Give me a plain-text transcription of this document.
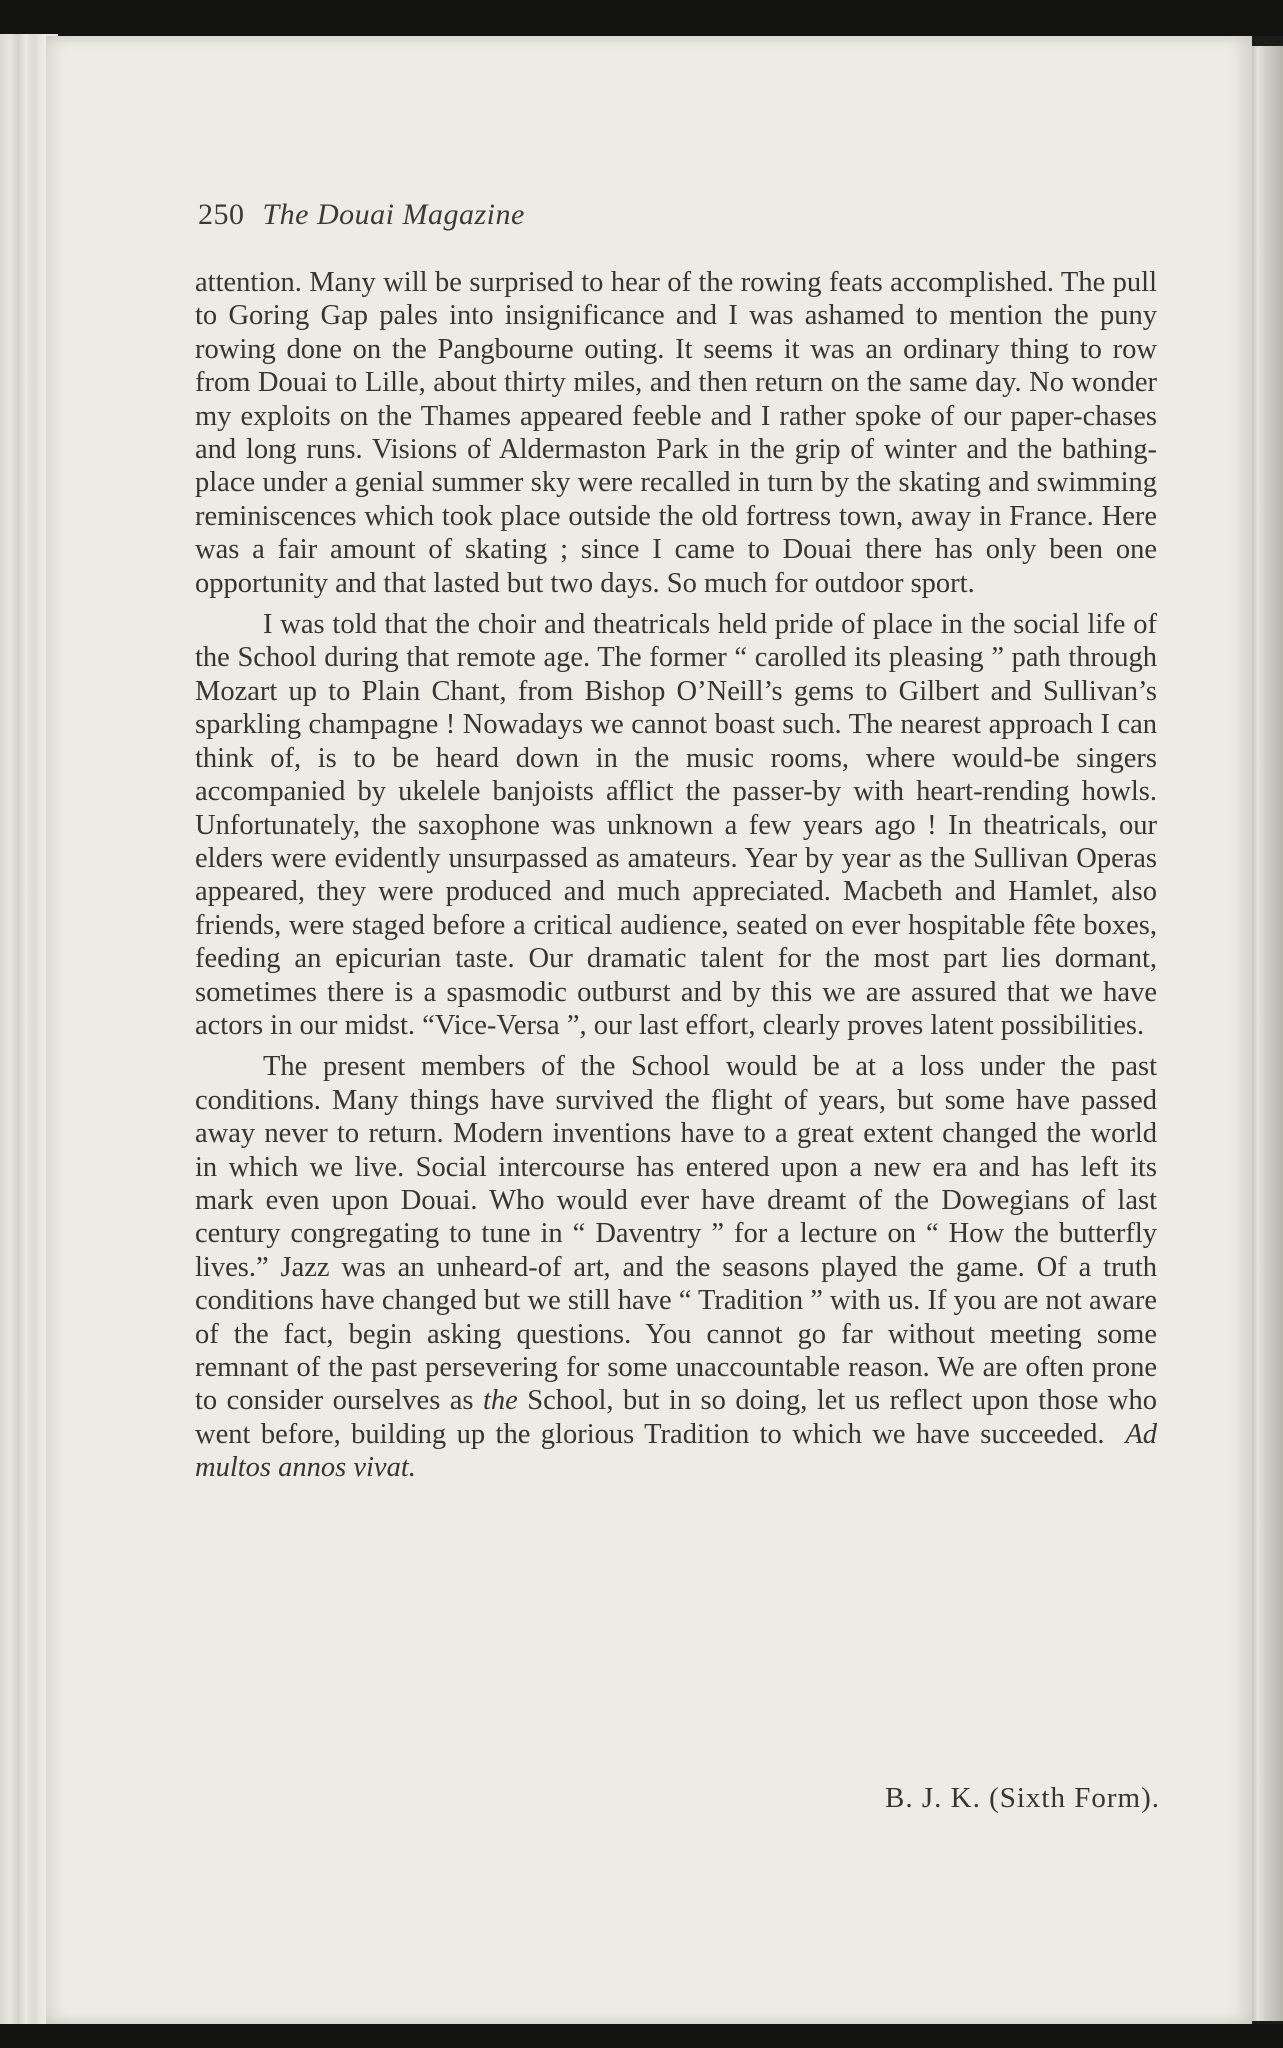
250 The Douai Magazine

attention. Many will be surprised to hear of the rowing feats accomplished. The pull to Goring Gap pales into insignificance and I was ashamed to mention the puny rowing done on the Pangbourne outing. It seems it was an ordinary thing to row from Douai to Lille, about thirty miles, and then return on the same day. No wonder my exploits on the Thames appeared feeble and I rather spoke of our paper-chases and long runs. Visions of Aldermaston Park in the grip of winter and the bathing-place under a genial summer sky were recalled in turn by the skating and swimming reminiscences which took place outside the old fortress town, away in France. Here was a fair amount of skating ; since I came to Douai there has only been one opportunity and that lasted but two days. So much for outdoor sport.

I was told that the choir and theatricals held pride of place in the social life of the School during that remote age. The former “ carolled its pleasing ” path through Mozart up to Plain Chant, from Bishop O’Neill’s gems to Gilbert and Sullivan’s sparkling champagne ! Nowadays we cannot boast such. The nearest approach I can think of, is to be heard down in the music rooms, where would-be singers accompanied by ukelele banjoists afflict the passer-by with heart-rending howls. Unfortunately, the saxophone was unknown a few years ago ! In theatricals, our elders were evidently unsurpassed as amateurs. Year by year as the Sullivan Operas appeared, they were produced and much appreciated. Macbeth and Hamlet, also friends, were staged before a critical audience, seated on ever hospitable fête boxes, feeding an epicurian taste. Our dramatic talent for the most part lies dormant, sometimes there is a spasmodic outburst and by this we are assured that we have actors in our midst. “Vice-Versa ”, our last effort, clearly proves latent possibilities.

The present members of the School would be at a loss under the past conditions. Many things have survived the flight of years, but some have passed away never to return. Modern inventions have to a great extent changed the world in which we live. Social intercourse has entered upon a new era and has left its mark even upon Douai. Who would ever have dreamt of the Dowegians of last century congregating to tune in “ Daventry ” for a lecture on “ How the butterfly lives.” Jazz was an unheard-of art, and the seasons played the game. Of a truth conditions have changed but we still have “ Tradition ” with us. If you are not aware of the fact, begin asking questions. You cannot go far without meeting some remnant of the past persevering for some unaccountable reason. We are often prone to consider ourselves as the School, but in so doing, let us reflect upon those who went before, building up the glorious Tradition to which we have succeeded. Ad multos annos vivat.

B. J. K. (Sixth Form).
